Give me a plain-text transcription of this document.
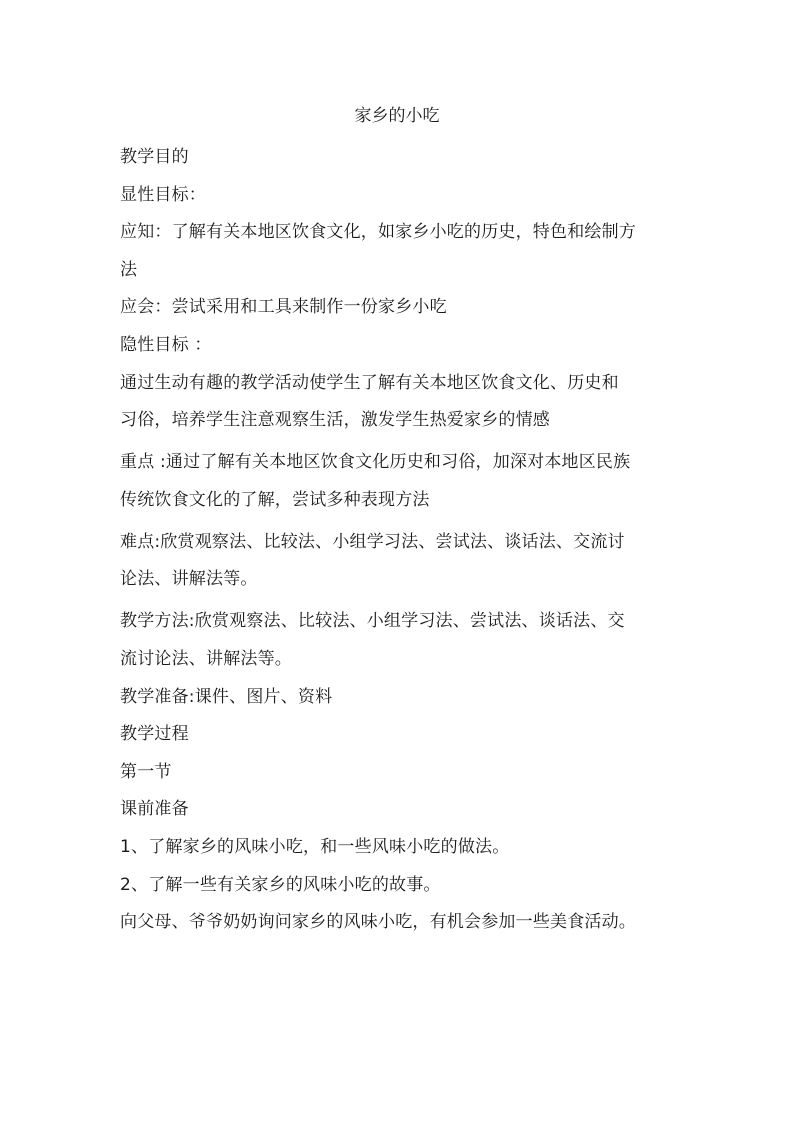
家乡的小吃
教学目的
显性目标：
应知：了解有关本地区饮食文化，如家乡小吃的历史，特色和绘制方
法
应会：尝试采用和工具来制作一份家乡小吃
隐性目标 ：
通过生动有趣的教学活动使学生了解有关本地区饮食文化、历史和
习俗，培养学生注意观察生活，激发学生热爱家乡的情感
重点 :通过了解有关本地区饮食文化历史和习俗，加深对本地区民族
传统饮食文化的了解，尝试多种表现方法
难点:欣赏观察法、比较法、小组学习法、尝试法、谈话法、交流讨
论法、讲解法等。
教学方法:欣赏观察法、比较法、小组学习法、尝试法、谈话法、交
流讨论法、讲解法等。
教学准备:课件、图片、资料
教学过程
第一节
课前准备
1、了解家乡的风味小吃，和一些风味小吃的做法。
2、了解一些有关家乡的风味小吃的故事。
向父母、爷爷奶奶询问家乡的风味小吃，有机会参加一些美食活动。
